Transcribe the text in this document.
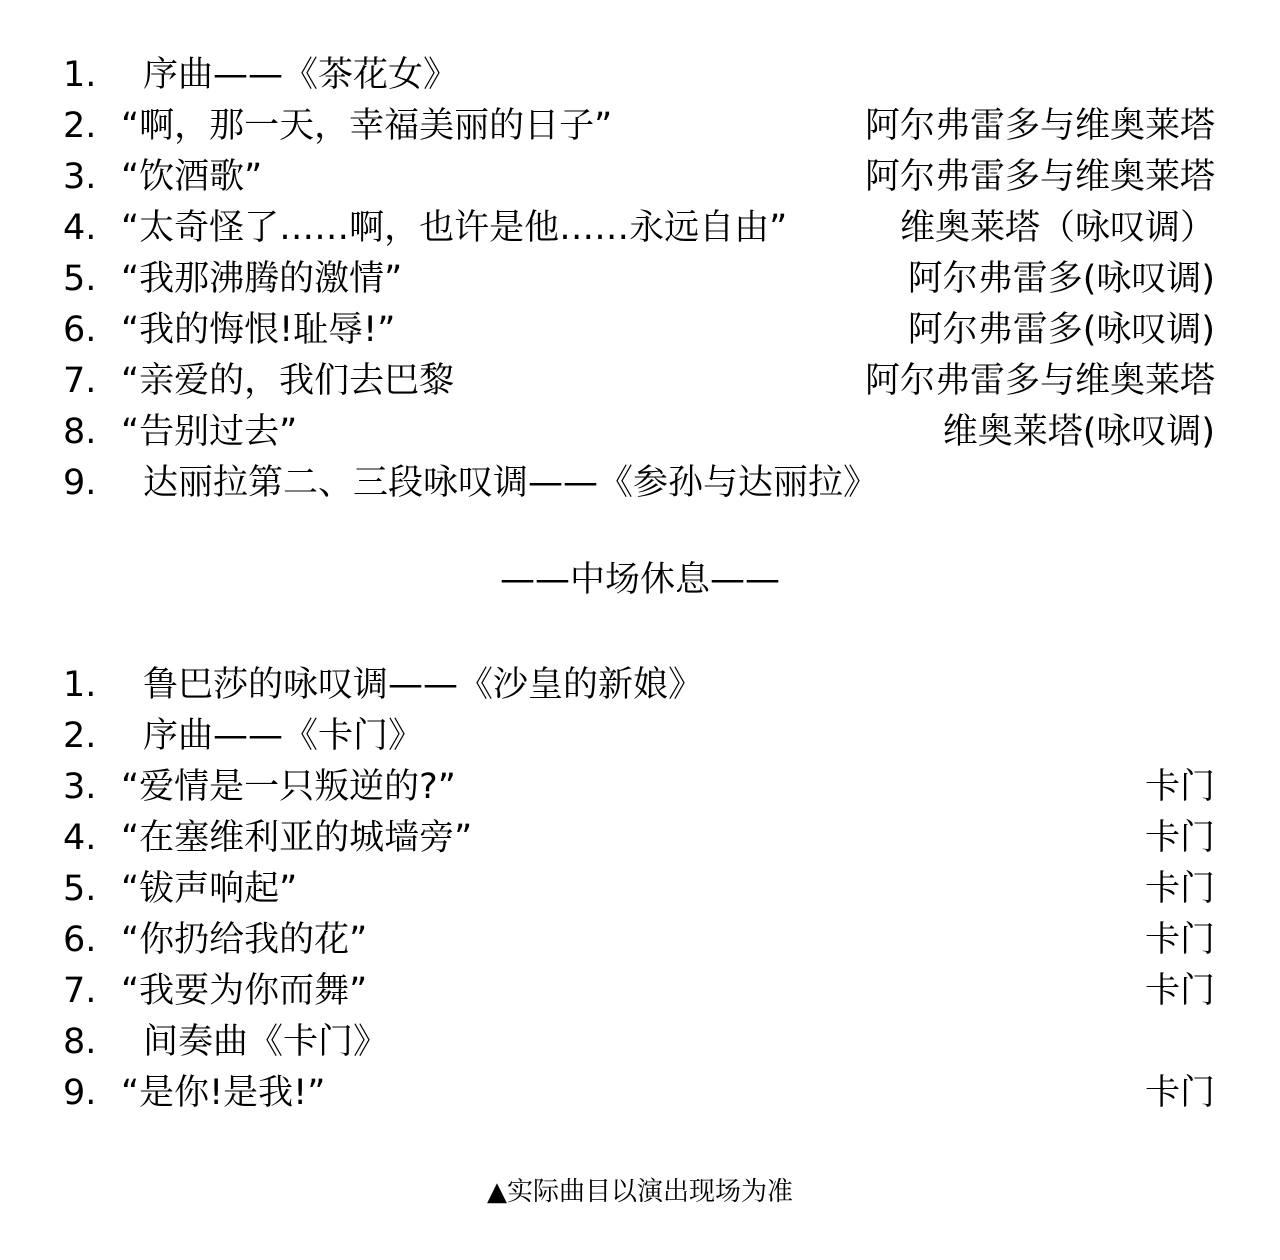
1.	序曲——《茶花女》
2. “啊，那一天，幸福美丽的日子”	阿尔弗雷多与维奥莱塔
3. “饮酒歌”	阿尔弗雷多与维奥莱塔
4. “太奇怪了……啊，也许是他……永远自由”	维奥莱塔（咏叹调）
5. “我那沸腾的激情”	阿尔弗雷多(咏叹调)
6. “我的悔恨!耻辱!”	阿尔弗雷多(咏叹调)
7. “亲爱的，我们去巴黎	阿尔弗雷多与维奥莱塔
8. “告别过去”	维奥莱塔(咏叹调)
9.	达丽拉第二、三段咏叹调——《参孙与达丽拉》
1.	鲁巴莎的咏叹调——《沙皇的新娘》
2.	序曲——《卡门》
3. “爱情是一只叛逆的?”	卡门
4. “在塞维利亚的城墙旁”	卡门
5. “钹声响起”	卡门
6. “你扔给我的花”	卡门
7. “我要为你而舞”	卡门
8.	间奏曲《卡门》
9. “是你!是我!”	卡门
——中场休息——
▲实际曲目以演出现场为准
